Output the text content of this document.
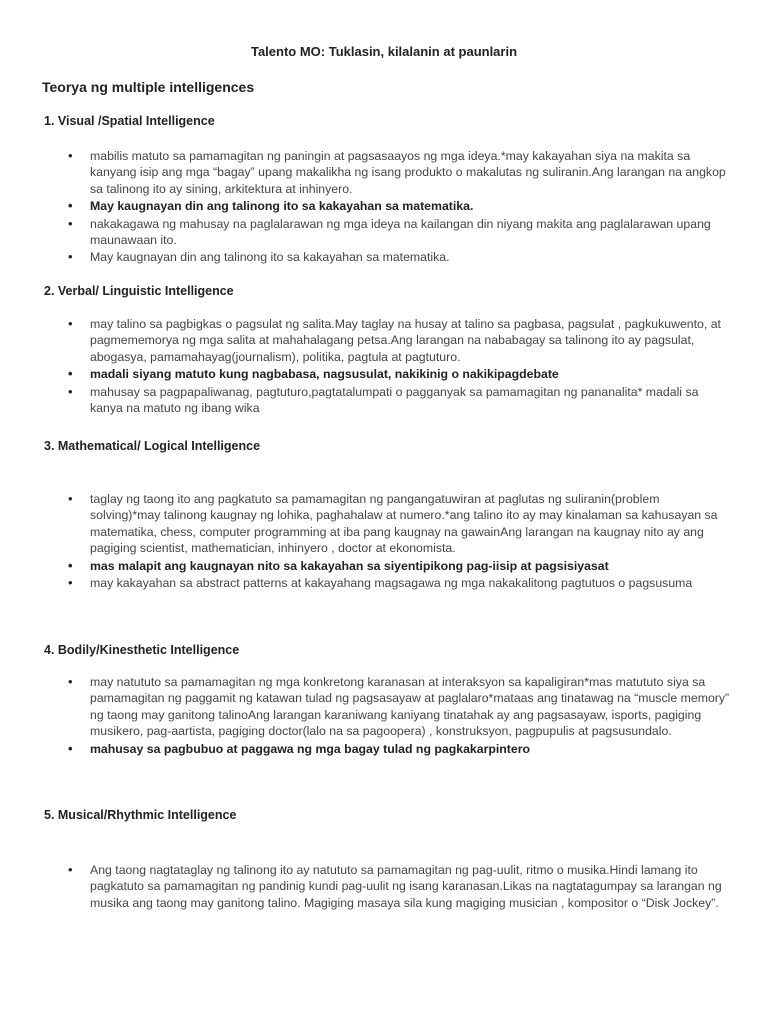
Talento MO: Tuklasin, kilalanin at paunlarin
Teorya ng multiple intelligences
1. Visual /Spatial Intelligence
• mabilis matuto sa pamamagitan ng paningin at pagsasaayos ng mga ideya.*may kakayahan siya na makita sa kanyang isip ang mga “bagay” upang makalikha ng isang produkto o makalutas ng suliranin.Ang larangan na angkop sa talinong ito ay sining, arkitektura at inhinyero.
• May kaugnayan din ang talinong ito sa kakayahan sa matematika.
• nakakagawa ng mahusay na paglalarawan ng mga ideya na kailangan din niyang makita ang paglalarawan upang maunawaan ito.
• May kaugnayan din ang talinong ito sa kakayahan sa matematika.
2. Verbal/ Linguistic Intelligence
• may talino sa pagbigkas o pagsulat ng salita.May taglay na husay at talino sa pagbasa, pagsulat , pagkukuwento, at pagmememorya ng mga salita at mahahalagang petsa.Ang larangan na nababagay sa talinong ito ay pagsulat, abogasya, pamamahayag(journalism), politika, pagtula at pagtuturo.
• madali siyang matuto kung nagbabasa, nagsusulat, nakikinig o nakikipagdebate
• mahusay sa pagpapaliwanag, pagtuturo,pagtatalumpati o pagganyak sa pamamagitan ng pananalita* madali sa kanya na matuto ng ibang wika
3. Mathematical/ Logical Intelligence
• taglay ng taong ito ang pagkatuto sa pamamagitan ng pangangatuwiran at paglutas ng suliranin(problem solving)*may talinong kaugnay ng lohika, paghahalaw at numero.*ang talino ito ay may kinalaman sa kahusayan sa matematika, chess, computer programming at iba pang kaugnay na gawainAng larangan na kaugnay nito ay ang pagiging scientist, mathematician, inhinyero , doctor at ekonomista.
• mas malapit ang kaugnayan nito sa kakayahan sa siyentipikong pag-iisip at pagsisiyasat
• may kakayahan sa abstract patterns at kakayahang magsagawa ng mga nakakalitong pagtutuos o pagsusuma
4. Bodily/Kinesthetic Intelligence
• may natututo sa pamamagitan ng mga konkretong karanasan at interaksyon sa kapaligiran*mas matututo siya sa pamamagitan ng paggamit ng katawan tulad ng pagsasayaw at paglalaro*mataas ang tinatawag na “muscle memory” ng taong may ganitong talinoAng larangan karaniwang kaniyang tinatahak ay ang pagsasayaw, isports, pagiging musikero, pag-aartista, pagiging doctor(lalo na sa pagoopera) , konstruksyon, pagpupulis at pagsusundalo.
• mahusay sa pagbubuo at paggawa ng mga bagay tulad ng pagkakarpintero
5. Musical/Rhythmic Intelligence
• Ang taong nagtataglay ng talinong ito ay natututo sa pamamagitan ng pag-uulit, ritmo o musika.Hindi lamang ito pagkatuto sa pamamagitan ng pandinig kundi pag-uulit ng isang karanasan.Likas na nagtatagumpay sa larangan ng musika ang taong may ganitong talino. Magiging masaya sila kung magiging musician , kompositor o “Disk Jockey”.
